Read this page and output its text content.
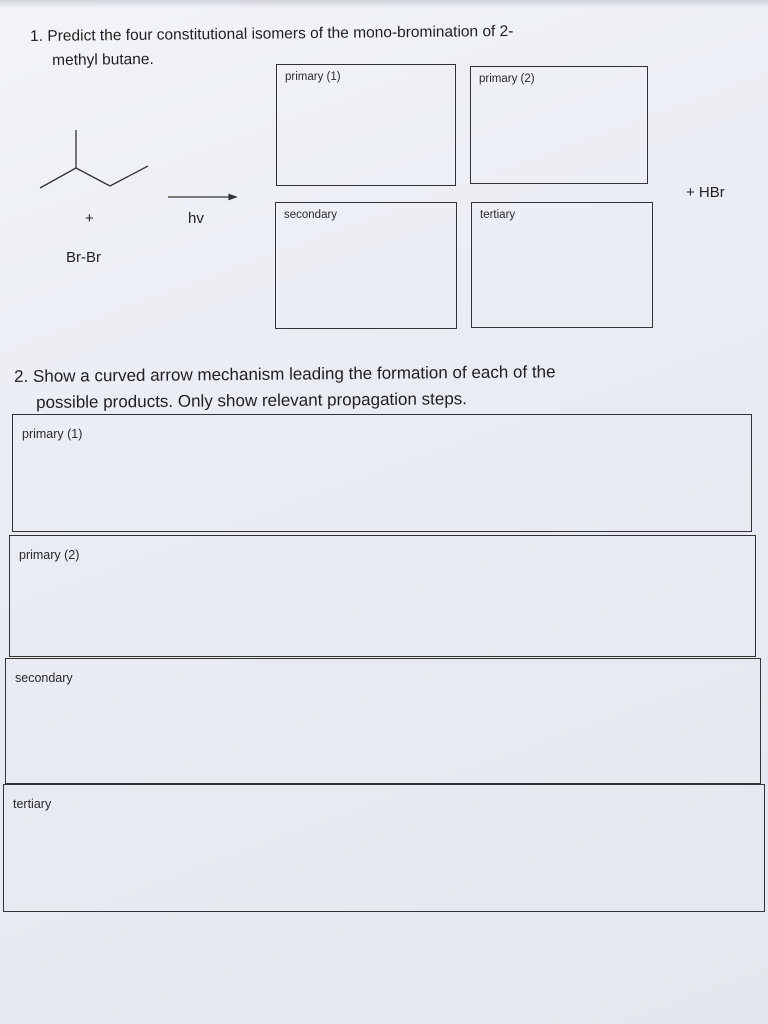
1. Predict the four constitutional isomers of the mono-bromination of 2-
methyl butane.
+
Br-Br
hv
+ HBr
primary (1)	primary (2)
secondary	tertiary
2. Show a curved arrow mechanism leading the formation of each of the
possible products. Only show relevant propagation steps.
primary (1)
primary (2)
secondary
tertiary
